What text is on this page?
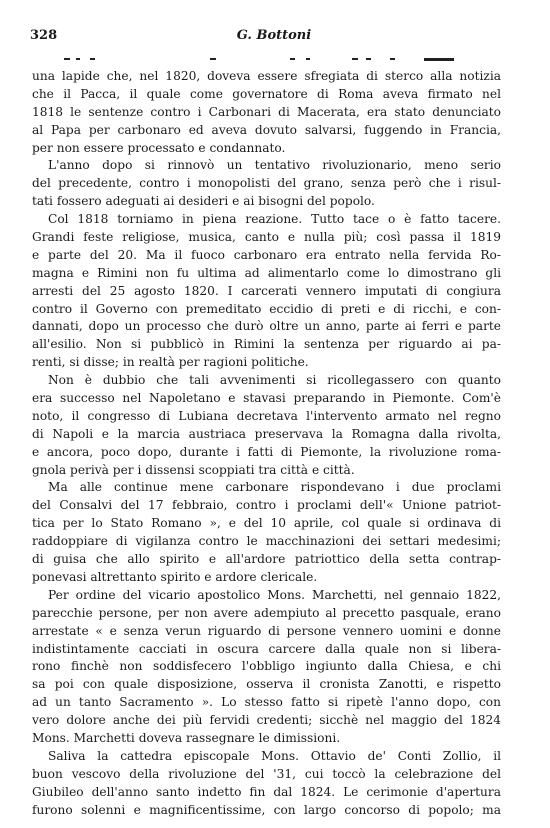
328	G. Bottoni
una lapide che, nel 1820, doveva essere sfregiata di sterco alla notizia
che il Pacca, il quale come governatore di Roma aveva firmato nel
1818 le sentenze contro i Carbonari di Macerata, era stato denunciato
al Papa per carbonaro ed aveva dovuto salvarsi, fuggendo in Francia,
per non essere processato e condannato.
L'anno dopo si rinnovò un tentativo rivoluzionario, meno serio
del precedente, contro i monopolisti del grano, senza però che i risul-
tati fossero adeguati ai desideri e ai bisogni del popolo.
Col 1818 torniamo in piena reazione. Tutto tace o è fatto tacere.
Grandi feste religiose, musica, canto e nulla più; così passa il 1819
e parte del 20. Ma il fuoco carbonaro era entrato nella fervida Ro-
magna e Rimini non fu ultima ad alimentarlo come lo dimostrano gli
arresti del 25 agosto 1820. I carcerati vennero imputati di congiura
contro il Governo con premeditato eccidio di preti e di ricchi, e con-
dannati, dopo un processo che durò oltre un anno, parte ai ferri e parte
all'esilio. Non si pubblicò in Rimini la sentenza per riguardo ai pa-
renti, si disse; in realtà per ragioni politiche.
Non è dubbio che tali avvenimenti si ricollegassero con quanto
era successo nel Napoletano e stavasi preparando in Piemonte. Com'è
noto, il congresso di Lubiana decretava l'intervento armato nel regno
di Napoli e la marcia austriaca preservava la Romagna dalla rivolta,
e ancora, poco dopo, durante i fatti di Piemonte, la rivoluzione roma-
gnola perivà per i dissensi scoppiati tra città e città.
Ma alle continue mene carbonare rispondevano i due proclami
del Consalvi del 17 febbraio, contro i proclami dell'« Unione patriot-
tica per lo Stato Romano », e del 10 aprile, col quale si ordinava di
raddoppiare di vigilanza contro le macchinazioni dei settari medesimi;
di guisa che allo spirito e all'ardore patriottico della setta contrap-
ponevasi altrettanto spirito e ardore clericale.
Per ordine del vicario apostolico Mons. Marchetti, nel gennaio 1822,
parecchie persone, per non avere adempiuto al precetto pasquale, erano
arrestate « e senza verun riguardo di persone vennero uomini e donne
indistintamente cacciati in oscura carcere dalla quale non si libera-
rono finchè non soddisfecero l'obbligo ingiunto dalla Chiesa, e chi
sa poi con quale disposizione, osserva il cronista Zanotti, e rispetto
ad un tanto Sacramento ». Lo stesso fatto si ripetè l'anno dopo, con
vero dolore anche dei più fervidi credenti; sicchè nel maggio del 1824
Mons. Marchetti doveva rassegnare le dimissioni.
Saliva la cattedra episcopale Mons. Ottavio de' Conti Zollio, il
buon vescovo della rivoluzione del '31, cui toccò la celebrazione del
Giubileo dell'anno santo indetto fin dal 1824. Le cerimonie d'apertura
furono solenni e magnificentissime, con largo concorso di popolo; ma
